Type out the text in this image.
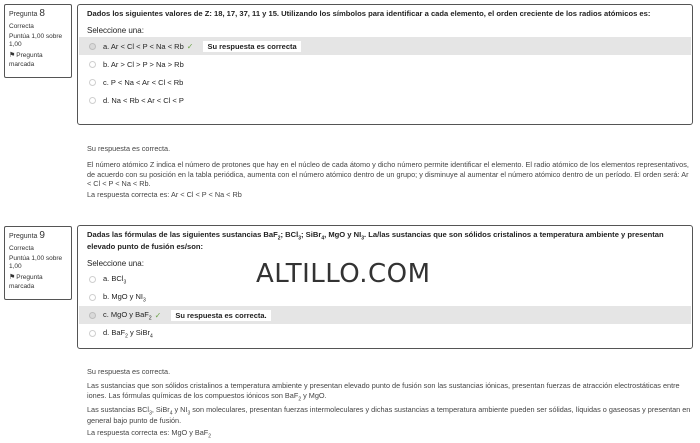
Pregunta 8
Correcta
Puntúa 1,00 sobre 1,00
⚑Pregunta marcada
Dados los siguientes valores de Z: 18, 17, 37, 11 y 15. Utilizando los símbolos para identificar a cada elemento, el orden creciente de los radios atómicos es:
Seleccione una:
a. Ar < Cl < P < Na < Rb ✓	Su respuesta es correcta
b. Ar > Cl > P > Na > Rb
c. P < Na < Ar < Cl < Rb
d. Na < Rb < Ar < Cl < P
Su respuesta es correcta.

El número atómico Z indica el número de protones que hay en el núcleo de cada átomo y dicho número permite identificar el elemento. El radio atómico de los elementos representativos, de acuerdo con su posición en la tabla periódica, aumenta con el número atómico dentro de un grupo; y disminuye al aumentar el número atómico dentro de un período. El orden será: Ar < Cl < P < Na < Rb.

La respuesta correcta es: Ar < Cl < P < Na < Rb

Pregunta 9
Correcta
Puntúa 1,00 sobre 1,00
⚑Pregunta marcada
Dadas las fórmulas de las siguientes sustancias BaF$_2$; BCl$_3$; SiBr$_4$, MgO y $NI_3$. La/las sustancias que son sólidos cristalinos a temperatura ambiente y presentan elevado punto de fusión es/son:
Seleccione una:
a. BCl$_3$
b. MgO y $NI_3$
c. MgO y BaF$_2$ ✓	Su respuesta es correcta.
d. BaF$_2$ y SiBr$_4$
Su respuesta es correcta.

Las sustancias que son sólidos cristalinos a temperatura ambiente y presentan elevado punto de fusión son las sustancias iónicas, presentan fuerzas de atracción electrostáticas entre iones. Las fórmulas químicas de los compuestos iónicos son BaF$_2$ y MgO.

Las sustancias BCl$_3$, SiBr$_4$ y $NI_3$ son moleculares, presentan fuerzas intermoleculares y dichas sustancias a temperatura ambiente pueden ser sólidas, líquidas o gaseosas y presentan en general bajo punto de fusión.

La respuesta correcta es: MgO y BaF$_2$

ALTILLO.COM
